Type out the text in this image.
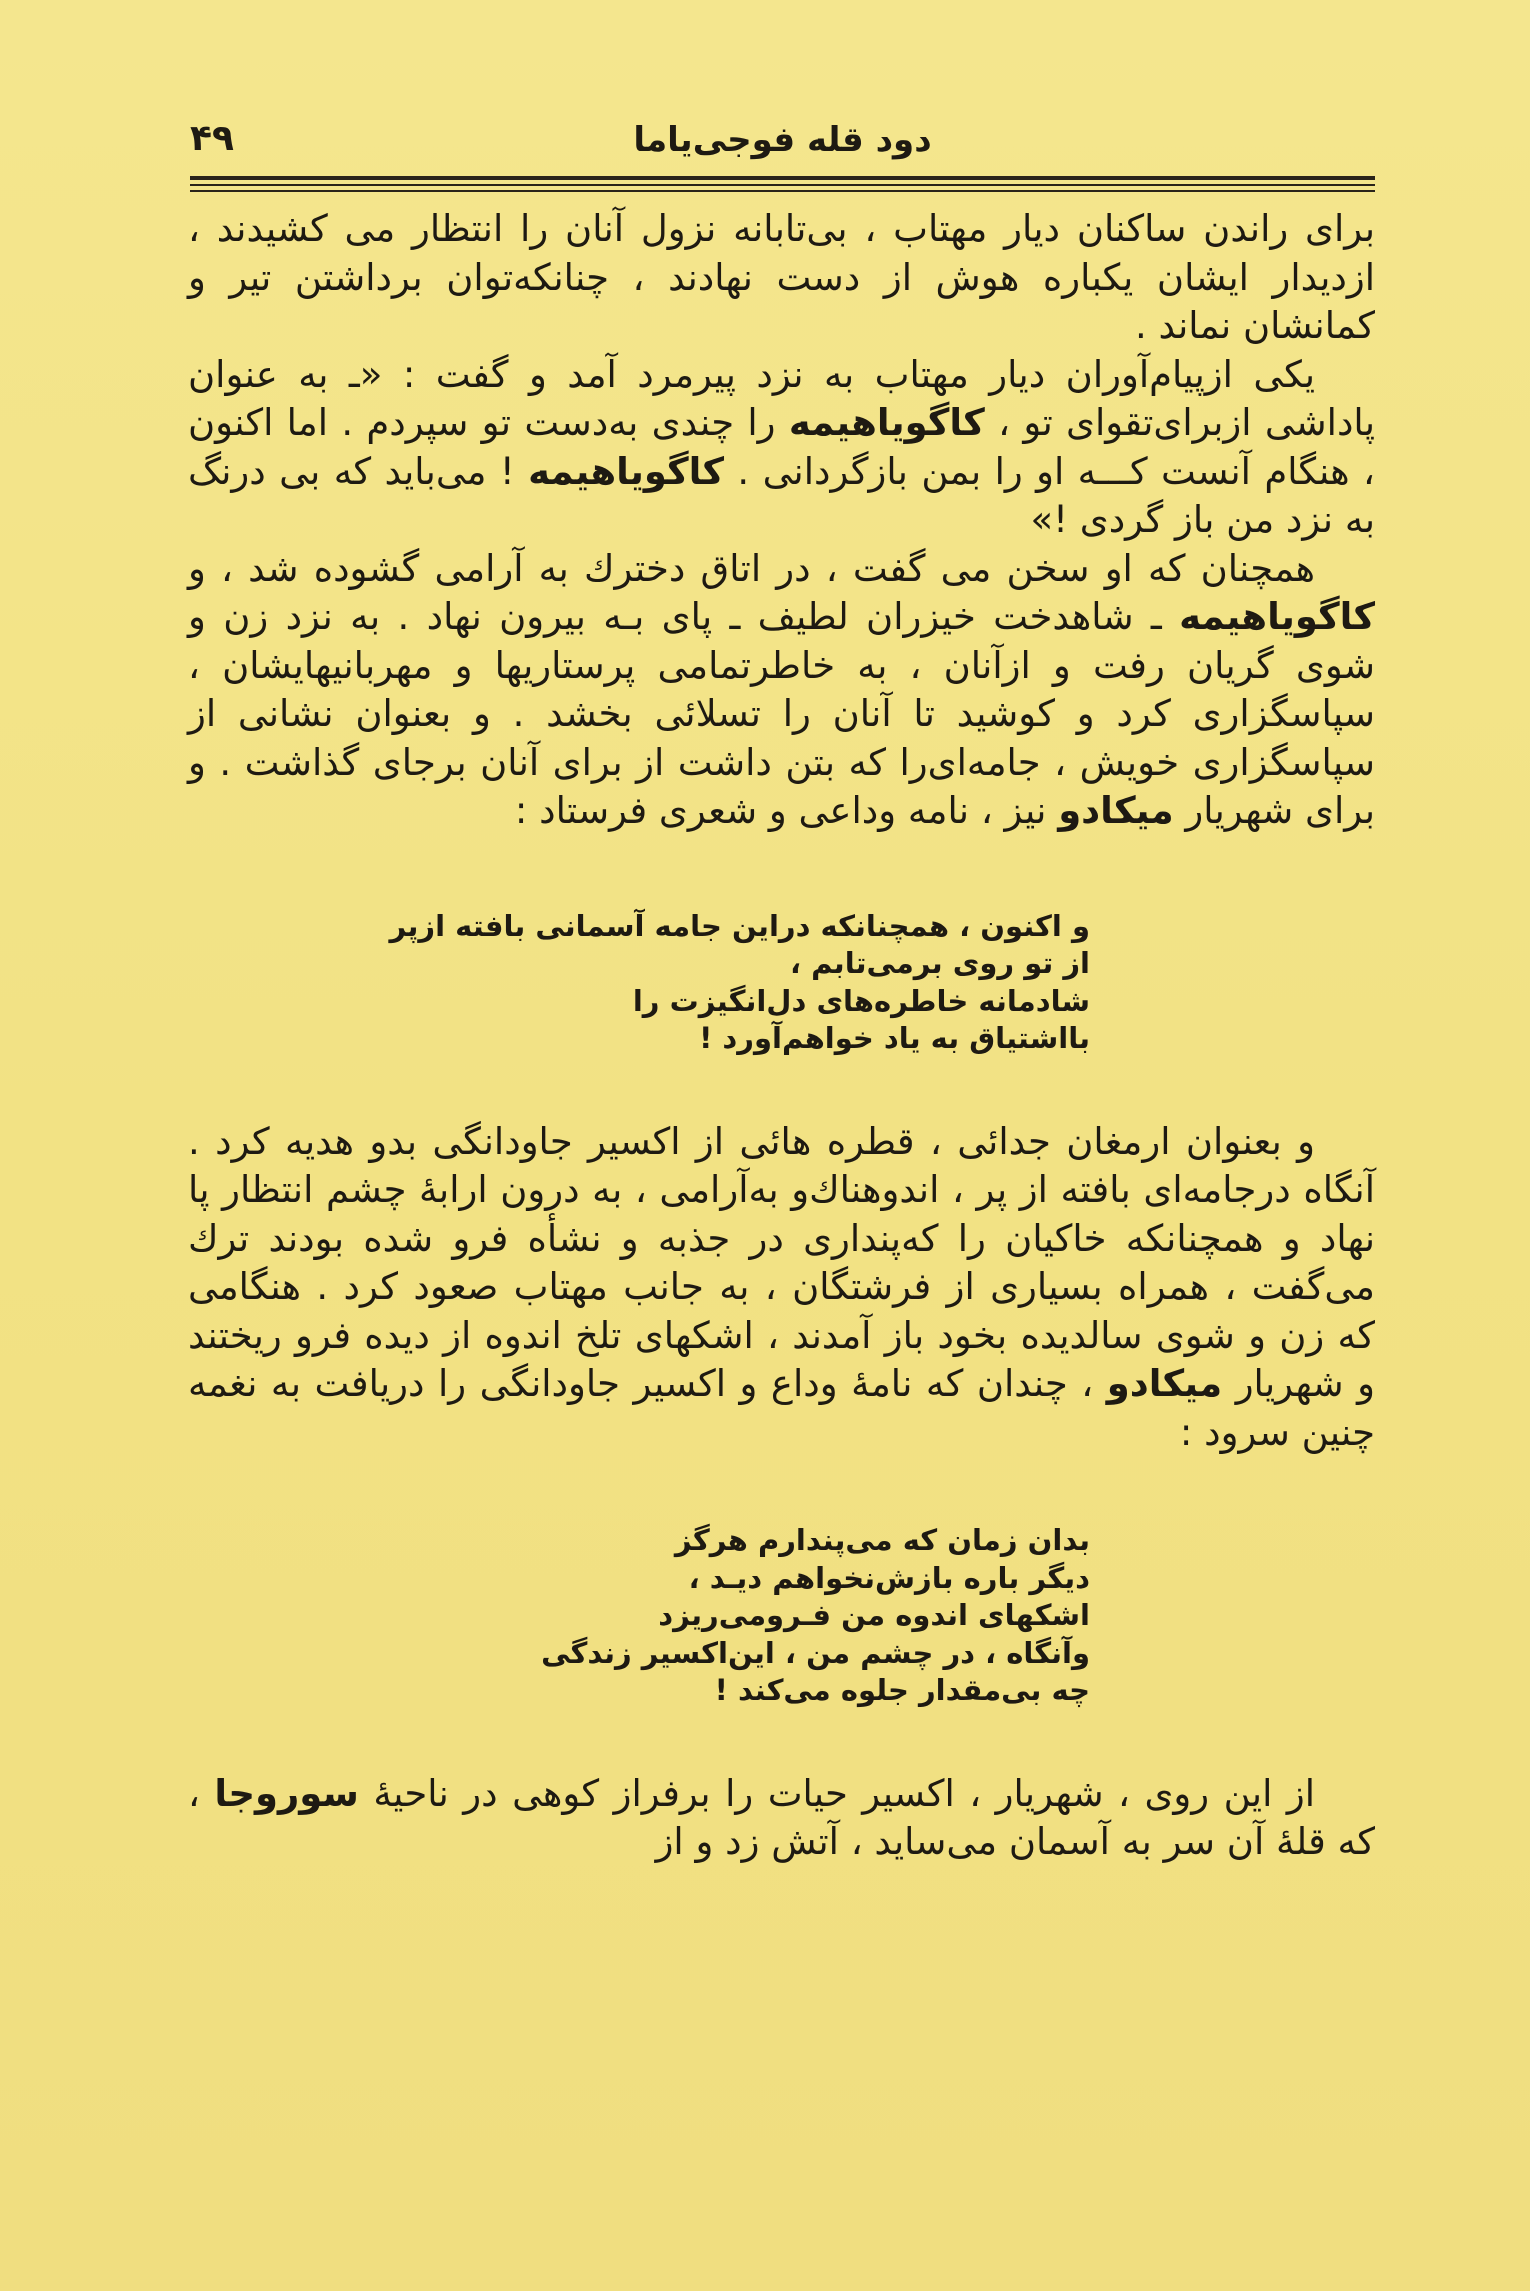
دود قله فوجی‌یاما
۴۹

برای راندن ساکنان دیار مهتاب ، بی‌تابانه نزول آنان را انتظار می کشیدند ، ازدیدار ایشان یکباره هوش از دست نهادند ، چنانکه‌توان برداشتن تیر و کمانشان نماند .

یکی ازپیام‌آوران دیار مهتاب به نزد پیرمرد آمد و گفت : «ـ به عنوان پاداشی ازبرای‌تقوای تو ، کاگویاهیمه را چندی به‌دست تو سپردم . اما اکنون ، هنگام آنست کـــه او را بمن بازگردانی . کاگویاهیمه ! می‌باید که بی درنگ به نزد من باز گردی !»

همچنان که او سخن می گفت ، در اتاق دخترك به آرامی گشوده شد ، و کاگویاهیمه ـ شاهدخت خیزران لطیف ـ پای بـه بیرون نهاد . به نزد زن و شوی گریان رفت و ازآنان ، به خاطرتمامی پرستاریها و مهربانیهایشان ، سپاسگزاری کرد و کوشید تا آنان را تسلائی بخشد . و بعنوان نشانی از سپاسگزاری خویش ، جامه‌ای‌را که بتن داشت از برای آنان برجای گذاشت . و برای شهریار میکادو نیز ، نامه وداعی و شعری فرستاد :

و اکنون ، همچنانکه دراین جامه آسمانی بافته ازپر
از تو روی برمی‌تابم ،
شادمانه خاطره‌های دل‌انگیزت را
بااشتیاق به یاد خواهم‌آورد !

و بعنوان ارمغان جدائی ، قطره هائی از اکسیر جاودانگی بدو هدیه کرد . آنگاه درجامه‌ای بافته از پر ، اندوهناك‌و به‌آرامی ، به درون ارابهٔ چشم انتظار پا نهاد و همچنانکه خاکیان را که‌پنداری در جذبه و نشأه فرو شده بودند ترك می‌گفت ، همراه بسیاری از فرشتگان ، به جانب مهتاب صعود کرد . هنگامی که زن و شوی سالدیده بخود باز آمدند ، اشکهای تلخ اندوه از دیده فرو ریختند و شهریار میکادو ، چندان که نامهٔ وداع و اکسیر جاودانگی را دریافت به نغمه چنین سرود :

بدان زمان که می‌پندارم هرگز
دیگر باره بازش‌نخواهم دیـد ،
اشکهای اندوه من فـرومی‌ریزد
وآنگاه ، در چشم من ، این‌اکسیر زندگی
چه بی‌مقدار جلوه می‌کند !

از این روی ، شهریار ، اکسیر حیات را برفراز کوهی در ناحیهٔ سوروجا ، که قلهٔ آن سر به آسمان می‌ساید ، آتش زد و از
